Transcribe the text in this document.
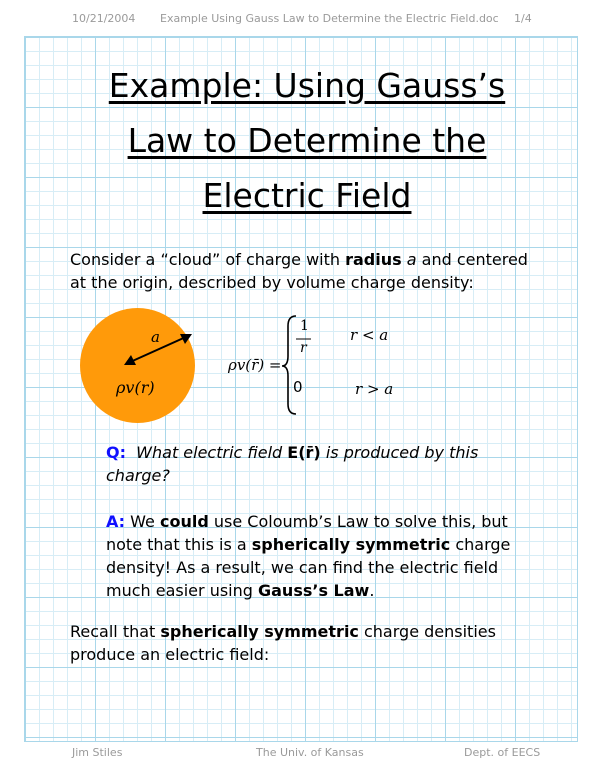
10/21/2004 Example Using Gauss Law to Determine the Electric Field.doc 1/4
Example: Using Gauss’s
Law to Determine the
Electric Field
Consider a “cloud” of charge with radius a and centered at the origin, described by volume charge density:
a
ρv(r)
ρv(r̄) =
1
r
r < a
0	r > a
Q: What electric field E(r̄) is produced by this charge?
A: We could use Coloumb’s Law to solve this, but note that this is a spherically symmetric charge density! As a result, we can find the electric field much easier using Gauss’s Law.
Recall that spherically symmetric charge densities produce an electric field:
Jim Stiles	The Univ. of Kansas	Dept. of EECS
